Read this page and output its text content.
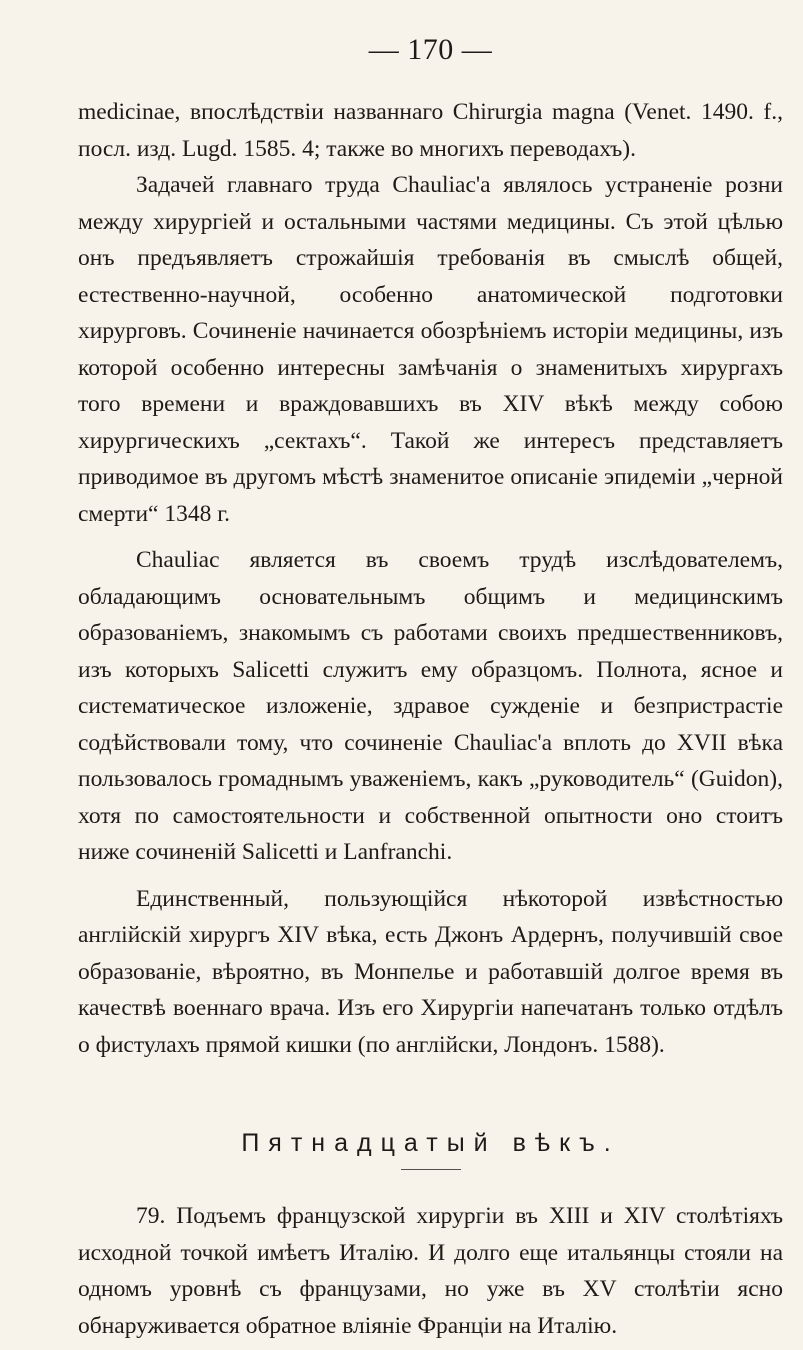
— 170 —

medicinae, впослѣдствіи названнаго Chirurgia magna (Venet. 1490. f., посл. изд. Lugd. 1585. 4; также во многихъ переводахъ).

Задачей главнаго труда Chauliac'a являлось устраненіе розни между хирургіей и остальными частями медицины. Съ этой цѣлью онъ предъявляетъ строжайшія требованія въ смыслѣ общей, естественно-научной, особенно анатомической подготовки хирурговъ. Сочиненіе начинается обозрѣніемъ исторіи медицины, изъ которой особенно интересны замѣчанія о знаменитыхъ хирургахъ того времени и враждовавшихъ въ XIV вѣкѣ между собою хирургическихъ „сектахъ“. Такой же интересъ представляетъ приводимое въ другомъ мѣстѣ знаменитое описаніе эпидеміи „черной смерти“ 1348 г.

Chauliac является въ своемъ трудѣ изслѣдователемъ, обладающимъ основательнымъ общимъ и медицинскимъ образованіемъ, знакомымъ съ работами своихъ предшественниковъ, изъ которыхъ Salicetti служитъ ему образцомъ. Полнота, ясное и систематическое изложеніе, здравое сужденіе и безпристрастіе содѣйствовали тому, что сочиненіе Chauliac'a вплоть до XVII вѣка пользовалось громаднымъ уваженіемъ, какъ „руководитель“ (Guidon), хотя по самостоятельности и собственной опытности оно стоитъ ниже сочиненій Salicetti и Lanfranchi.

Единственный, пользующійся нѣкоторой извѣстностью англійскій хирургъ XIV вѣка, есть Джонъ Ардернъ, получившій свое образованіе, вѣроятно, въ Монпелье и работавшій долгое время въ качествѣ военнаго врача. Изъ его Хирургіи напечатанъ только отдѣлъ о фистулахъ прямой кишки (по англійски, Лондонъ. 1588).

Пятнадцатый вѣкъ.

79. Подъемъ французской хирургіи въ XIII и XIV столѣтіяхъ исходной точкой имѣетъ Италію. И долго еще итальянцы стояли на одномъ уровнѣ съ французами, но уже въ XV столѣтіи ясно обнаруживается обратное вліяніе Франціи на Италію.
